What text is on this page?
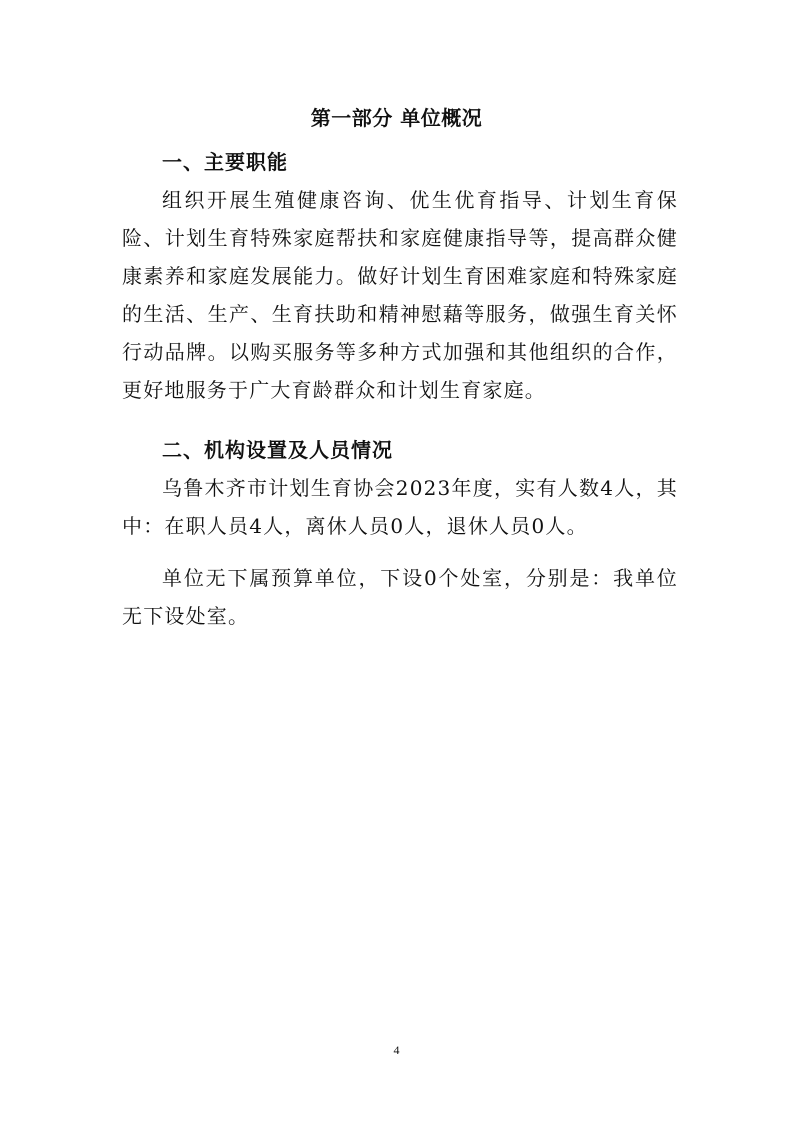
第一部分 单位概况
一、主要职能

组织开展生殖健康咨询、优生优育指导、计划生育保险、计划生育特殊家庭帮扶和家庭健康指导等，提高群众健康素养和家庭发展能力。做好计划生育困难家庭和特殊家庭的生活、生产、生育扶助和精神慰藉等服务，做强生育关怀行动品牌。以购买服务等多种方式加强和其他组织的合作，更好地服务于广大育龄群众和计划生育家庭。

二、机构设置及人员情况

乌鲁木齐市计划生育协会2023年度，实有人数4人，其中：在职人员4人，离休人员0人，退休人员0人。

单位无下属预算单位，下设0个处室，分别是：我单位无下设处室。

4
